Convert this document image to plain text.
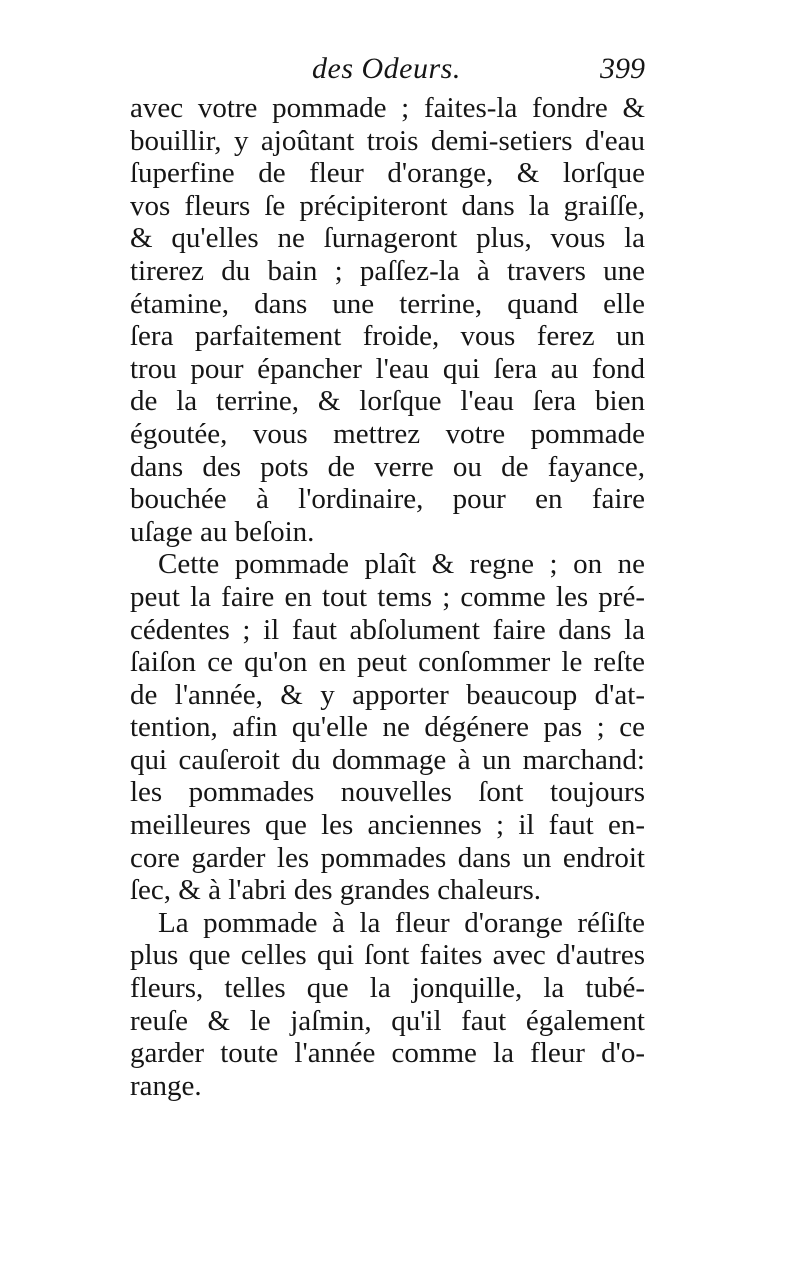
des Odeurs.	399
avec votre pommade ; faites-la fondre &
bouillir, y ajoûtant trois demi-setiers d'eau
ſuperfine de fleur d'orange, & lorſque
vos fleurs ſe précipiteront dans la graiſſe,
& qu'elles ne ſurnageront plus, vous la
tirerez du bain ; paſſez-la à travers une
étamine, dans une terrine, quand elle
ſera parfaitement froide, vous ferez un
trou pour épancher l'eau qui ſera au fond
de la terrine, & lorſque l'eau ſera bien
égoutée, vous mettrez votre pommade
dans des pots de verre ou de fayance,
bouchée à l'ordinaire, pour en faire
uſage au beſoin.
Cette pommade plaît & regne ; on ne
peut la faire en tout tems ; comme les pré-
cédentes ; il faut abſolument faire dans la
ſaiſon ce qu'on en peut conſommer le reſte
de l'année, & y apporter beaucoup d'at-
tention, afin qu'elle ne dégénere pas ; ce
qui cauſeroit du dommage à un marchand:
les pommades nouvelles ſont toujours
meilleures que les anciennes ; il faut en-
core garder les pommades dans un endroit
ſec, & à l'abri des grandes chaleurs.
La pommade à la fleur d'orange réſiſte
plus que celles qui ſont faites avec d'autres
fleurs, telles que la jonquille, la tubé-
reuſe & le jaſmin, qu'il faut également
garder toute l'année comme la fleur d'o-
range.
